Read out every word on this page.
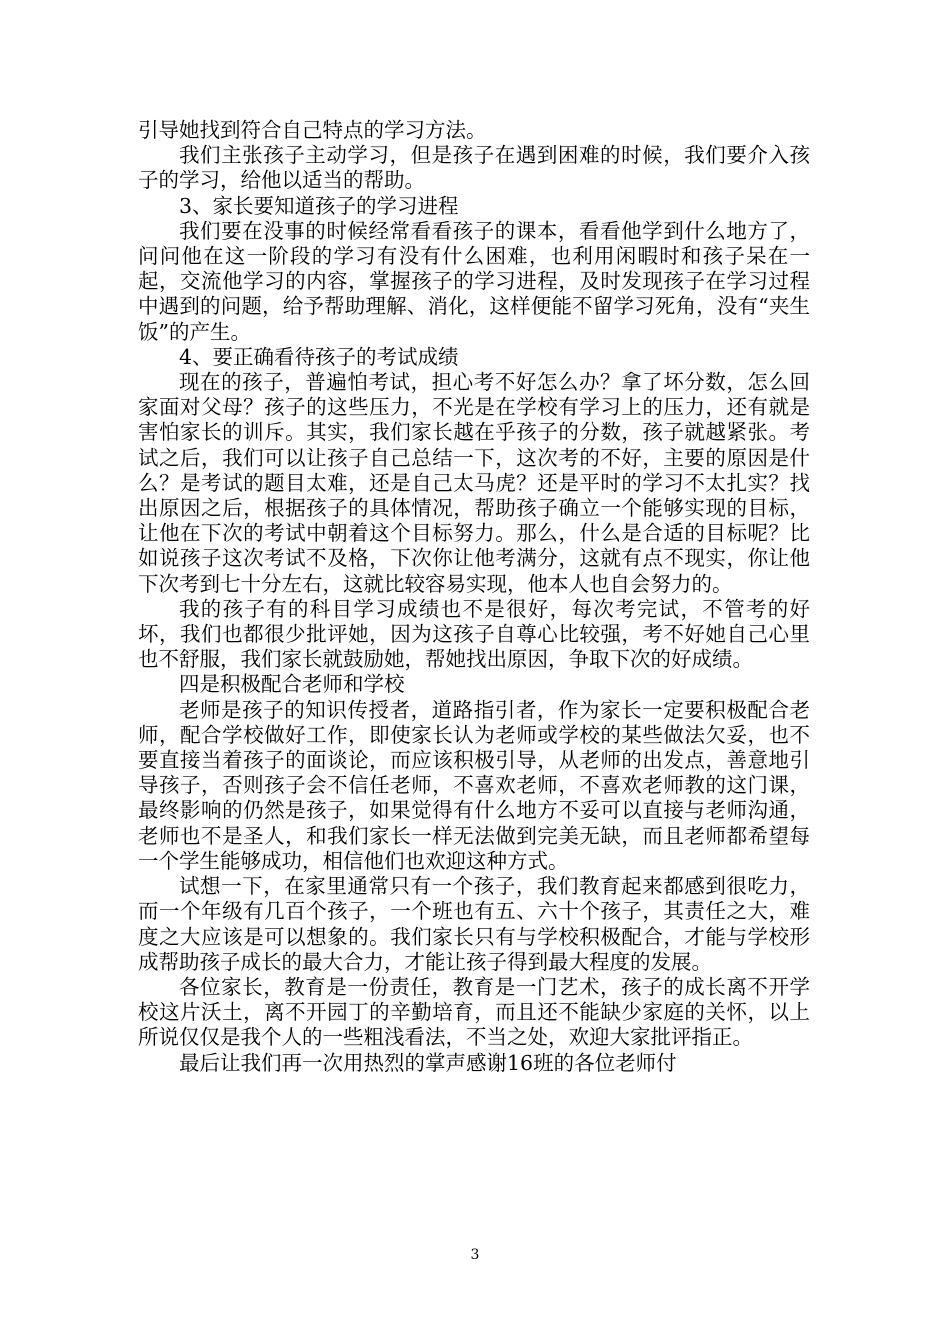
引导她找到符合自己特点的学习方法。

我们主张孩子主动学习，但是孩子在遇到困难的时候，我们要介入孩子的学习，给他以适当的帮助。

3、家长要知道孩子的学习进程

我们要在没事的时候经常看看孩子的课本，看看他学到什么地方了，问问他在这一阶段的学习有没有什么困难，也利用闲暇时和孩子呆在一起，交流他学习的内容，掌握孩子的学习进程，及时发现孩子在学习过程中遇到的问题，给予帮助理解、消化，这样便能不留学习死角，没有“夹生饭”的产生。

4、要正确看待孩子的考试成绩

现在的孩子，普遍怕考试，担心考不好怎么办？拿了坏分数，怎么回家面对父母？孩子的这些压力，不光是在学校有学习上的压力，还有就是害怕家长的训斥。其实，我们家长越在乎孩子的分数，孩子就越紧张。考试之后，我们可以让孩子自己总结一下，这次考的不好，主要的原因是什么？是考试的题目太难，还是自己太马虎？还是平时的学习不太扎实？找出原因之后，根据孩子的具体情况，帮助孩子确立一个能够实现的目标，让他在下次的考试中朝着这个目标努力。那么，什么是合适的目标呢？比如说孩子这次考试不及格，下次你让他考满分，这就有点不现实，你让他下次考到七十分左右，这就比较容易实现，他本人也自会努力的。

我的孩子有的科目学习成绩也不是很好，每次考完试，不管考的好坏，我们也都很少批评她，因为这孩子自尊心比较强，考不好她自己心里也不舒服，我们家长就鼓励她，帮她找出原因，争取下次的好成绩。

四是积极配合老师和学校

老师是孩子的知识传授者，道路指引者，作为家长一定要积极配合老师，配合学校做好工作，即使家长认为老师或学校的某些做法欠妥，也不要直接当着孩子的面谈论，而应该积极引导，从老师的出发点，善意地引导孩子，否则孩子会不信任老师，不喜欢老师，不喜欢老师教的这门课，最终影响的仍然是孩子，如果觉得有什么地方不妥可以直接与老师沟通，老师也不是圣人，和我们家长一样无法做到完美无缺，而且老师都希望每一个学生能够成功，相信他们也欢迎这种方式。

试想一下，在家里通常只有一个孩子，我们教育起来都感到很吃力，而一个年级有几百个孩子，一个班也有五、六十个孩子，其责任之大，难度之大应该是可以想象的。我们家长只有与学校积极配合，才能与学校形成帮助孩子成长的最大合力，才能让孩子得到最大程度的发展。

各位家长，教育是一份责任，教育是一门艺术，孩子的成长离不开学校这片沃土，离不开园丁的辛勤培育，而且还不能缺少家庭的关怀，以上所说仅仅是我个人的一些粗浅看法，不当之处，欢迎大家批评指正。

最后让我们再一次用热烈的掌声感谢16班的各位老师付

3
